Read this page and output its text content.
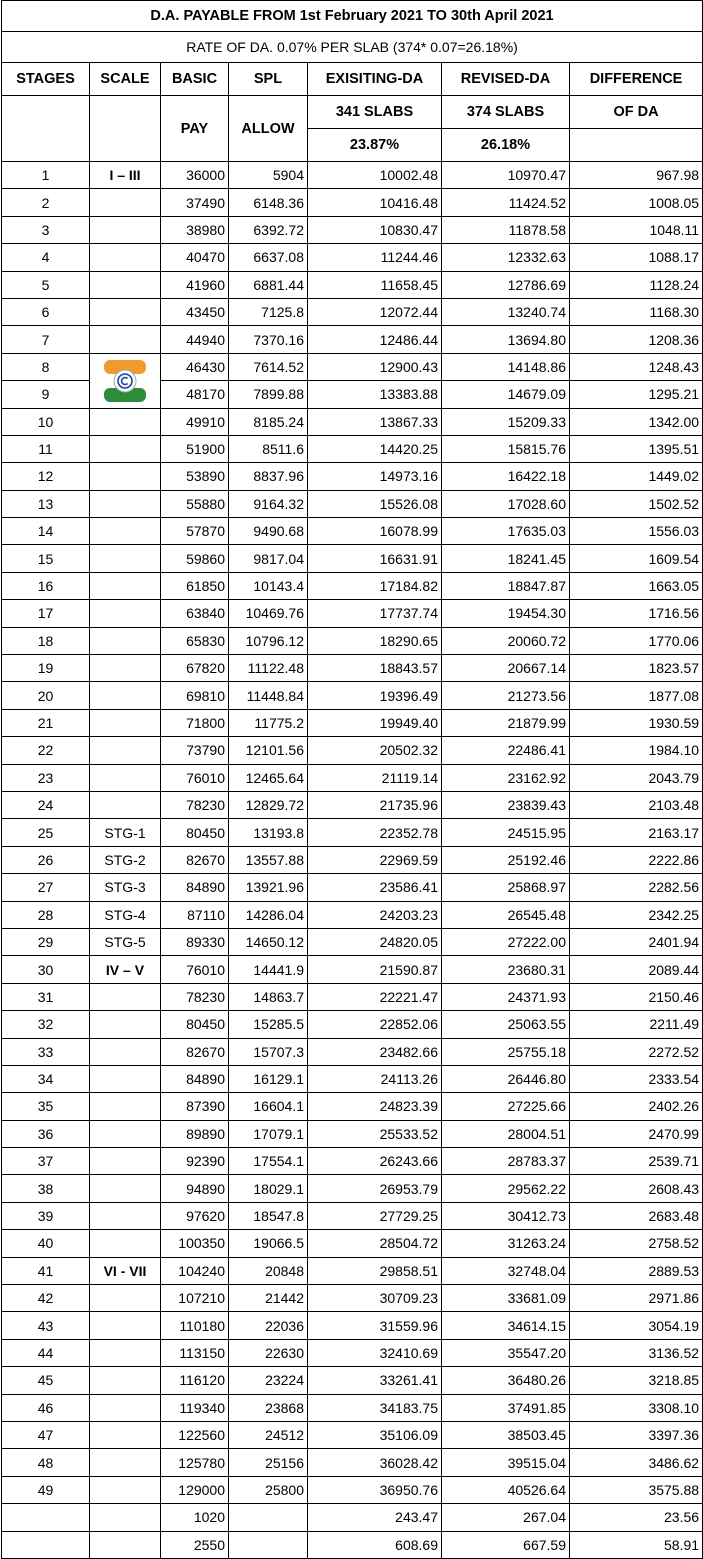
D.A. PAYABLE FROM 1st February 2021 TO 30th April 2021						
RATE OF DA. 0.07% PER SLAB (374* 0.07=26.18%)						
STAGES	SCALE	BASIC	SPL	EXISITING-DA	REVISED-DA	DIFFERENCE
		PAY	ALLOW	341 SLABS	374 SLABS	OF DA
				23.87%	26.18%	
1	I – III	36000	5904	10002.48	10970.47	967.98
2		37490	6148.36	10416.48	11424.52	1008.05
3		38980	6392.72	10830.47	11878.58	1048.11
4		40470	6637.08	11244.46	12332.63	1088.17
5		41960	6881.44	11658.45	12786.69	1128.24
6		43450	7125.8	12072.44	13240.74	1168.30
7		44940	7370.16	12486.44	13694.80	1208.36
8		46430	7614.52	12900.43	14148.86	1248.43
9		48170	7899.88	13383.88	14679.09	1295.21
10		49910	8185.24	13867.33	15209.33	1342.00
11		51900	8511.6	14420.25	15815.76	1395.51
12		53890	8837.96	14973.16	16422.18	1449.02
13		55880	9164.32	15526.08	17028.60	1502.52
14		57870	9490.68	16078.99	17635.03	1556.03
15		59860	9817.04	16631.91	18241.45	1609.54
16		61850	10143.4	17184.82	18847.87	1663.05
17		63840	10469.76	17737.74	19454.30	1716.56
18		65830	10796.12	18290.65	20060.72	1770.06
19		67820	11122.48	18843.57	20667.14	1823.57
20		69810	11448.84	19396.49	21273.56	1877.08
21		71800	11775.2	19949.40	21879.99	1930.59
22		73790	12101.56	20502.32	22486.41	1984.10
23		76010	12465.64	21119.14	23162.92	2043.79
24		78230	12829.72	21735.96	23839.43	2103.48
25	STG-1	80450	13193.8	22352.78	24515.95	2163.17
26	STG-2	82670	13557.88	22969.59	25192.46	2222.86
27	STG-3	84890	13921.96	23586.41	25868.97	2282.56
28	STG-4	87110	14286.04	24203.23	26545.48	2342.25
29	STG-5	89330	14650.12	24820.05	27222.00	2401.94
30	IV – V	76010	14441.9	21590.87	23680.31	2089.44
31		78230	14863.7	22221.47	24371.93	2150.46
32		80450	15285.5	22852.06	25063.55	2211.49
33		82670	15707.3	23482.66	25755.18	2272.52
34		84890	16129.1	24113.26	26446.80	2333.54
35		87390	16604.1	24823.39	27225.66	2402.26
36		89890	17079.1	25533.52	28004.51	2470.99
37		92390	17554.1	26243.66	28783.37	2539.71
38		94890	18029.1	26953.79	29562.22	2608.43
39		97620	18547.8	27729.25	30412.73	2683.48
40		100350	19066.5	28504.72	31263.24	2758.52
41	VI - VII	104240	20848	29858.51	32748.04	2889.53
42		107210	21442	30709.23	33681.09	2971.86
43		110180	22036	31559.96	34614.15	3054.19
44		113150	22630	32410.69	35547.20	3136.52
45		116120	23224	33261.41	36480.26	3218.85
46		119340	23868	34183.75	37491.85	3308.10
47		122560	24512	35106.09	38503.45	3397.36
48		125780	25156	36028.42	39515.04	3486.62
49		129000	25800	36950.76	40526.64	3575.88
		1020		243.47	267.04	23.56
		2550		608.69	667.59	58.91
